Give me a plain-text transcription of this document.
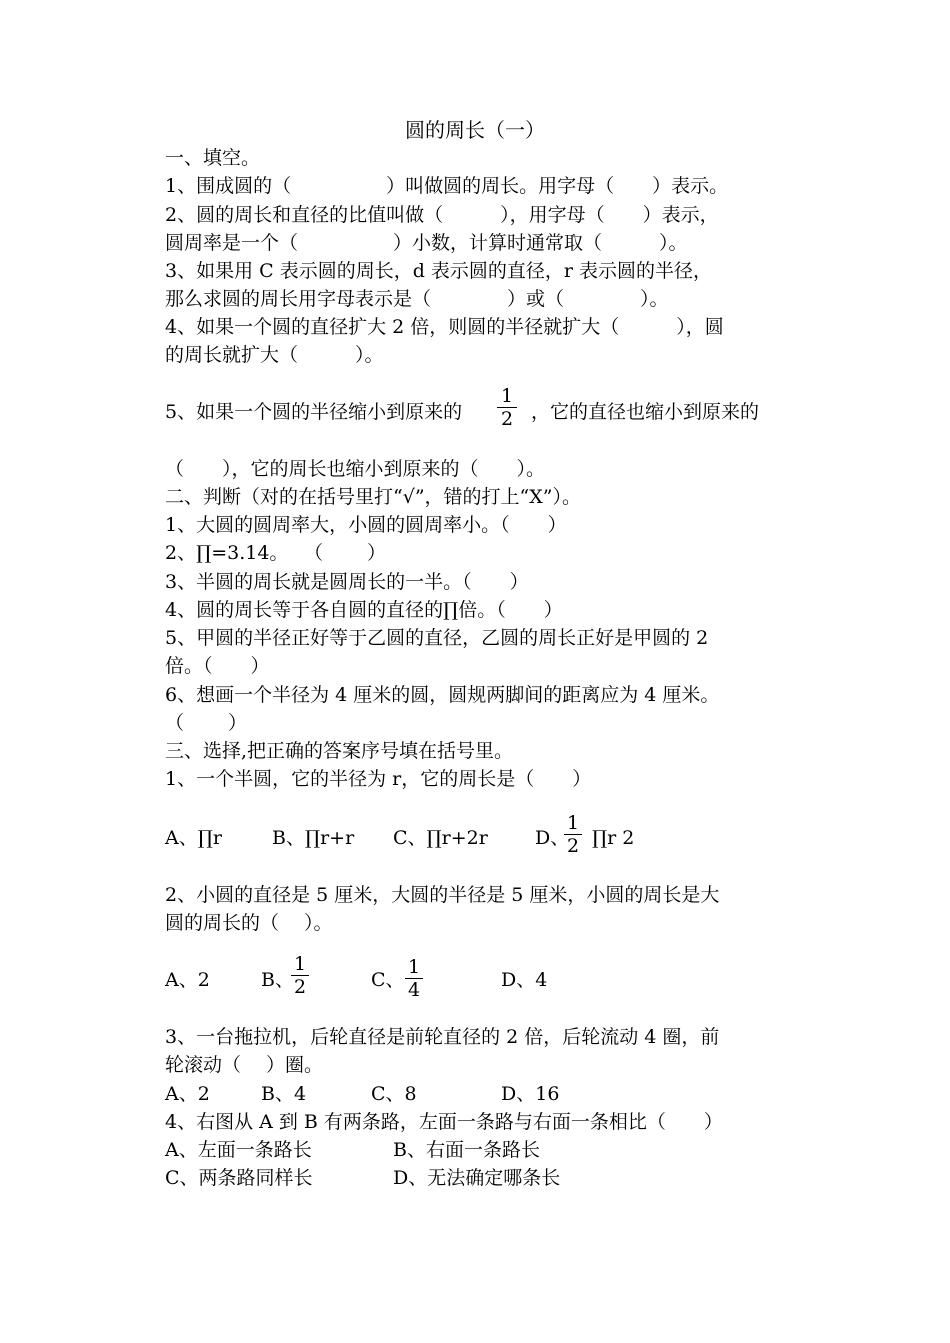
圆的周长（一）
一、填空。
1、围成圆的（　　　　　）叫做圆的周长。用字母（　　）表示。
2、圆的周长和直径的比值叫做（　　　），用字母（　　）表示，
圆周率是一个（　　　　　）小数，计算时通常取（　　　）。
3、如果用 C 表示圆的周长，d 表示圆的直径，r 表示圆的半径，
那么求圆的周长用字母表示是（　　　　）或（　　　　）。
4、如果一个圆的直径扩大 2 倍，则圆的半径就扩大（　　　），圆
的周长就扩大（　　　）。
5、如果一个圆的半径缩小到原来的
1
2 ，它的直径也缩小到原来的
（　　），它的周长也缩小到原来的（　　）。
二、判断（对的在括号里打“√”，错的打上“X”）。
1、大圆的圆周率大，小圆的圆周率小。（　　）
2、∏=3.14。　 （　　 ）
3、半圆的周长就是圆周长的一半。（　　）
4、圆的周长等于各自圆的直径的∏倍。（　　）
5、甲圆的半径正好等于乙圆的直径，乙圆的周长正好是甲圆的 2
倍。（　　）
6、想画一个半径为 4 厘米的圆，圆规两脚间的距离应为 4 厘米。
（　　 ）
三、选择,把正确的答案序号填在括号里。
1、一个半圆，它的半径为 r，它的周长是（　　）
A、∏r	B、∏r+r C、∏r+2r D、
1
2 ∏r 2
2、小圆的直径是 5 厘米，大圆的半径是 5 厘米，小圆的周长是大
圆的周长的（　 ）。
A、2	B、
1
2	C、
1
4	D、4
3、一台拖拉机，后轮直径是前轮直径的 2 倍，后轮流动 4 圈，前
轮滚动（　 ）圈。
A、2	B、4	C、8	D、16
4、右图从 A 到 B 有两条路，左面一条路与右面一条相比（　　）
A、左面一条路长	B、右面一条路长
C、两条路同样长	D、无法确定哪条长
